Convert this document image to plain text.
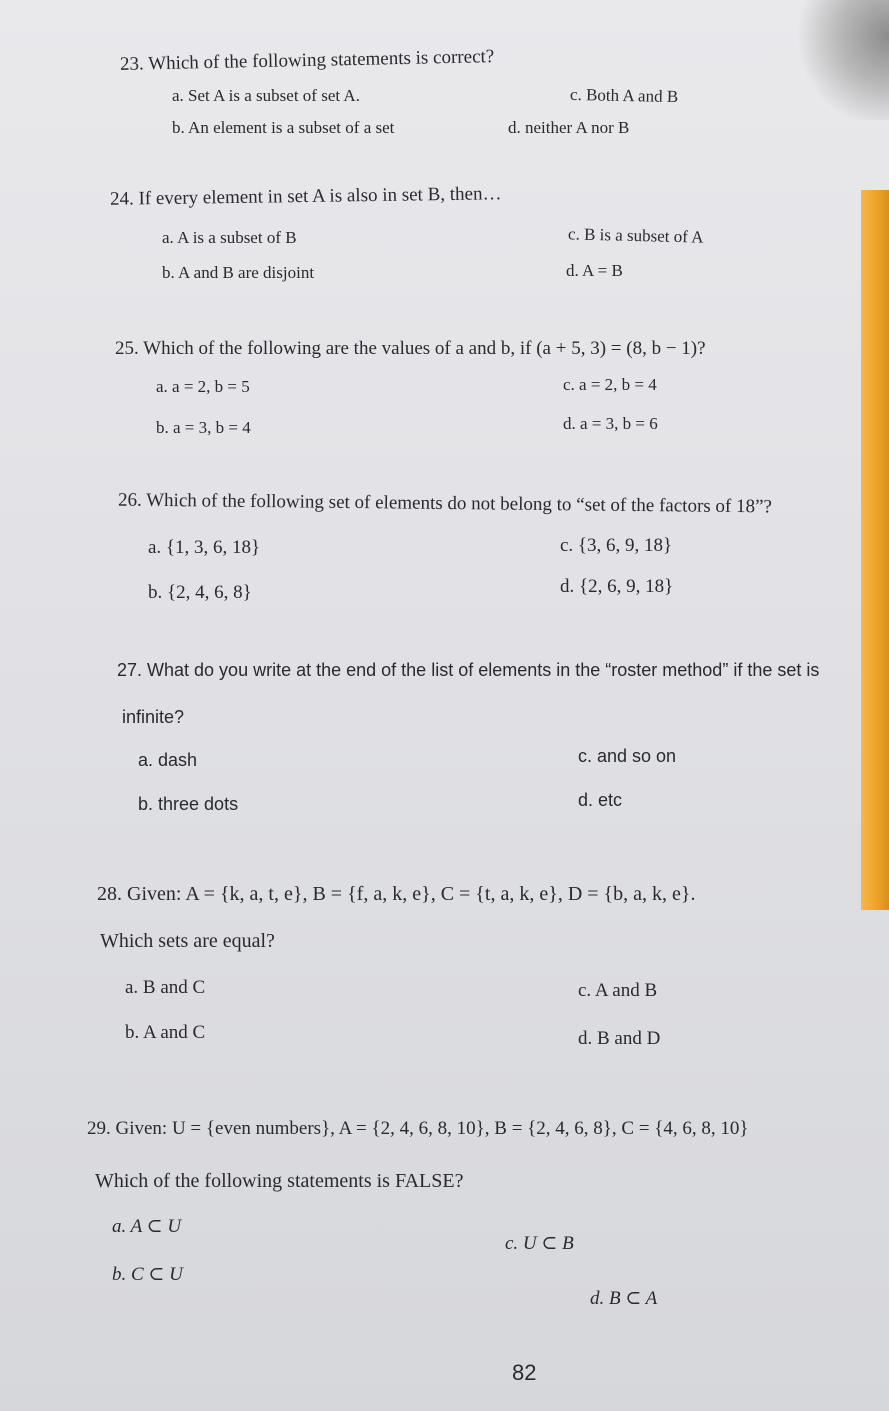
23. Which of the following statements is correct?
a. Set A is a subset of set A.
b. An element is a subset of a set
c. Both A and B
d. neither A nor B
24. If every element in set A is also in set B, then…
a. A is a subset of B
b. A and B are disjoint
c. B is a subset of A
d. A = B
25. Which of the following are the values of a and b, if (a + 5, 3) = (8, b − 1)?
a. a = 2, b = 5
b. a = 3, b = 4
c. a = 2, b = 4
d. a = 3, b = 6
26. Which of the following set of elements do not belong to “set of the factors of 18”?
a. {1, 3, 6, 18}
b. {2, 4, 6, 8}
c. {3, 6, 9, 18}
d. {2, 6, 9, 18}
27. What do you write at the end of the list of elements in the “roster method” if the set is
infinite?
a. dash
b. three dots
c. and so on
d. etc
28. Given: A = {k, a, t, e}, B = {f, a, k, e}, C = {t, a, k, e}, D = {b, a, k, e}.
Which sets are equal?
a. B and C
b. A and C
c. A and B
d. B and D
29. Given: U = {even numbers}, A = {2, 4, 6, 8, 10}, B = {2, 4, 6, 8}, C = {4, 6, 8, 10}
Which of the following statements is FALSE?
a. A ⊂ U
b. C ⊂ U
c. U ⊂ B
d. B ⊂ A
82
